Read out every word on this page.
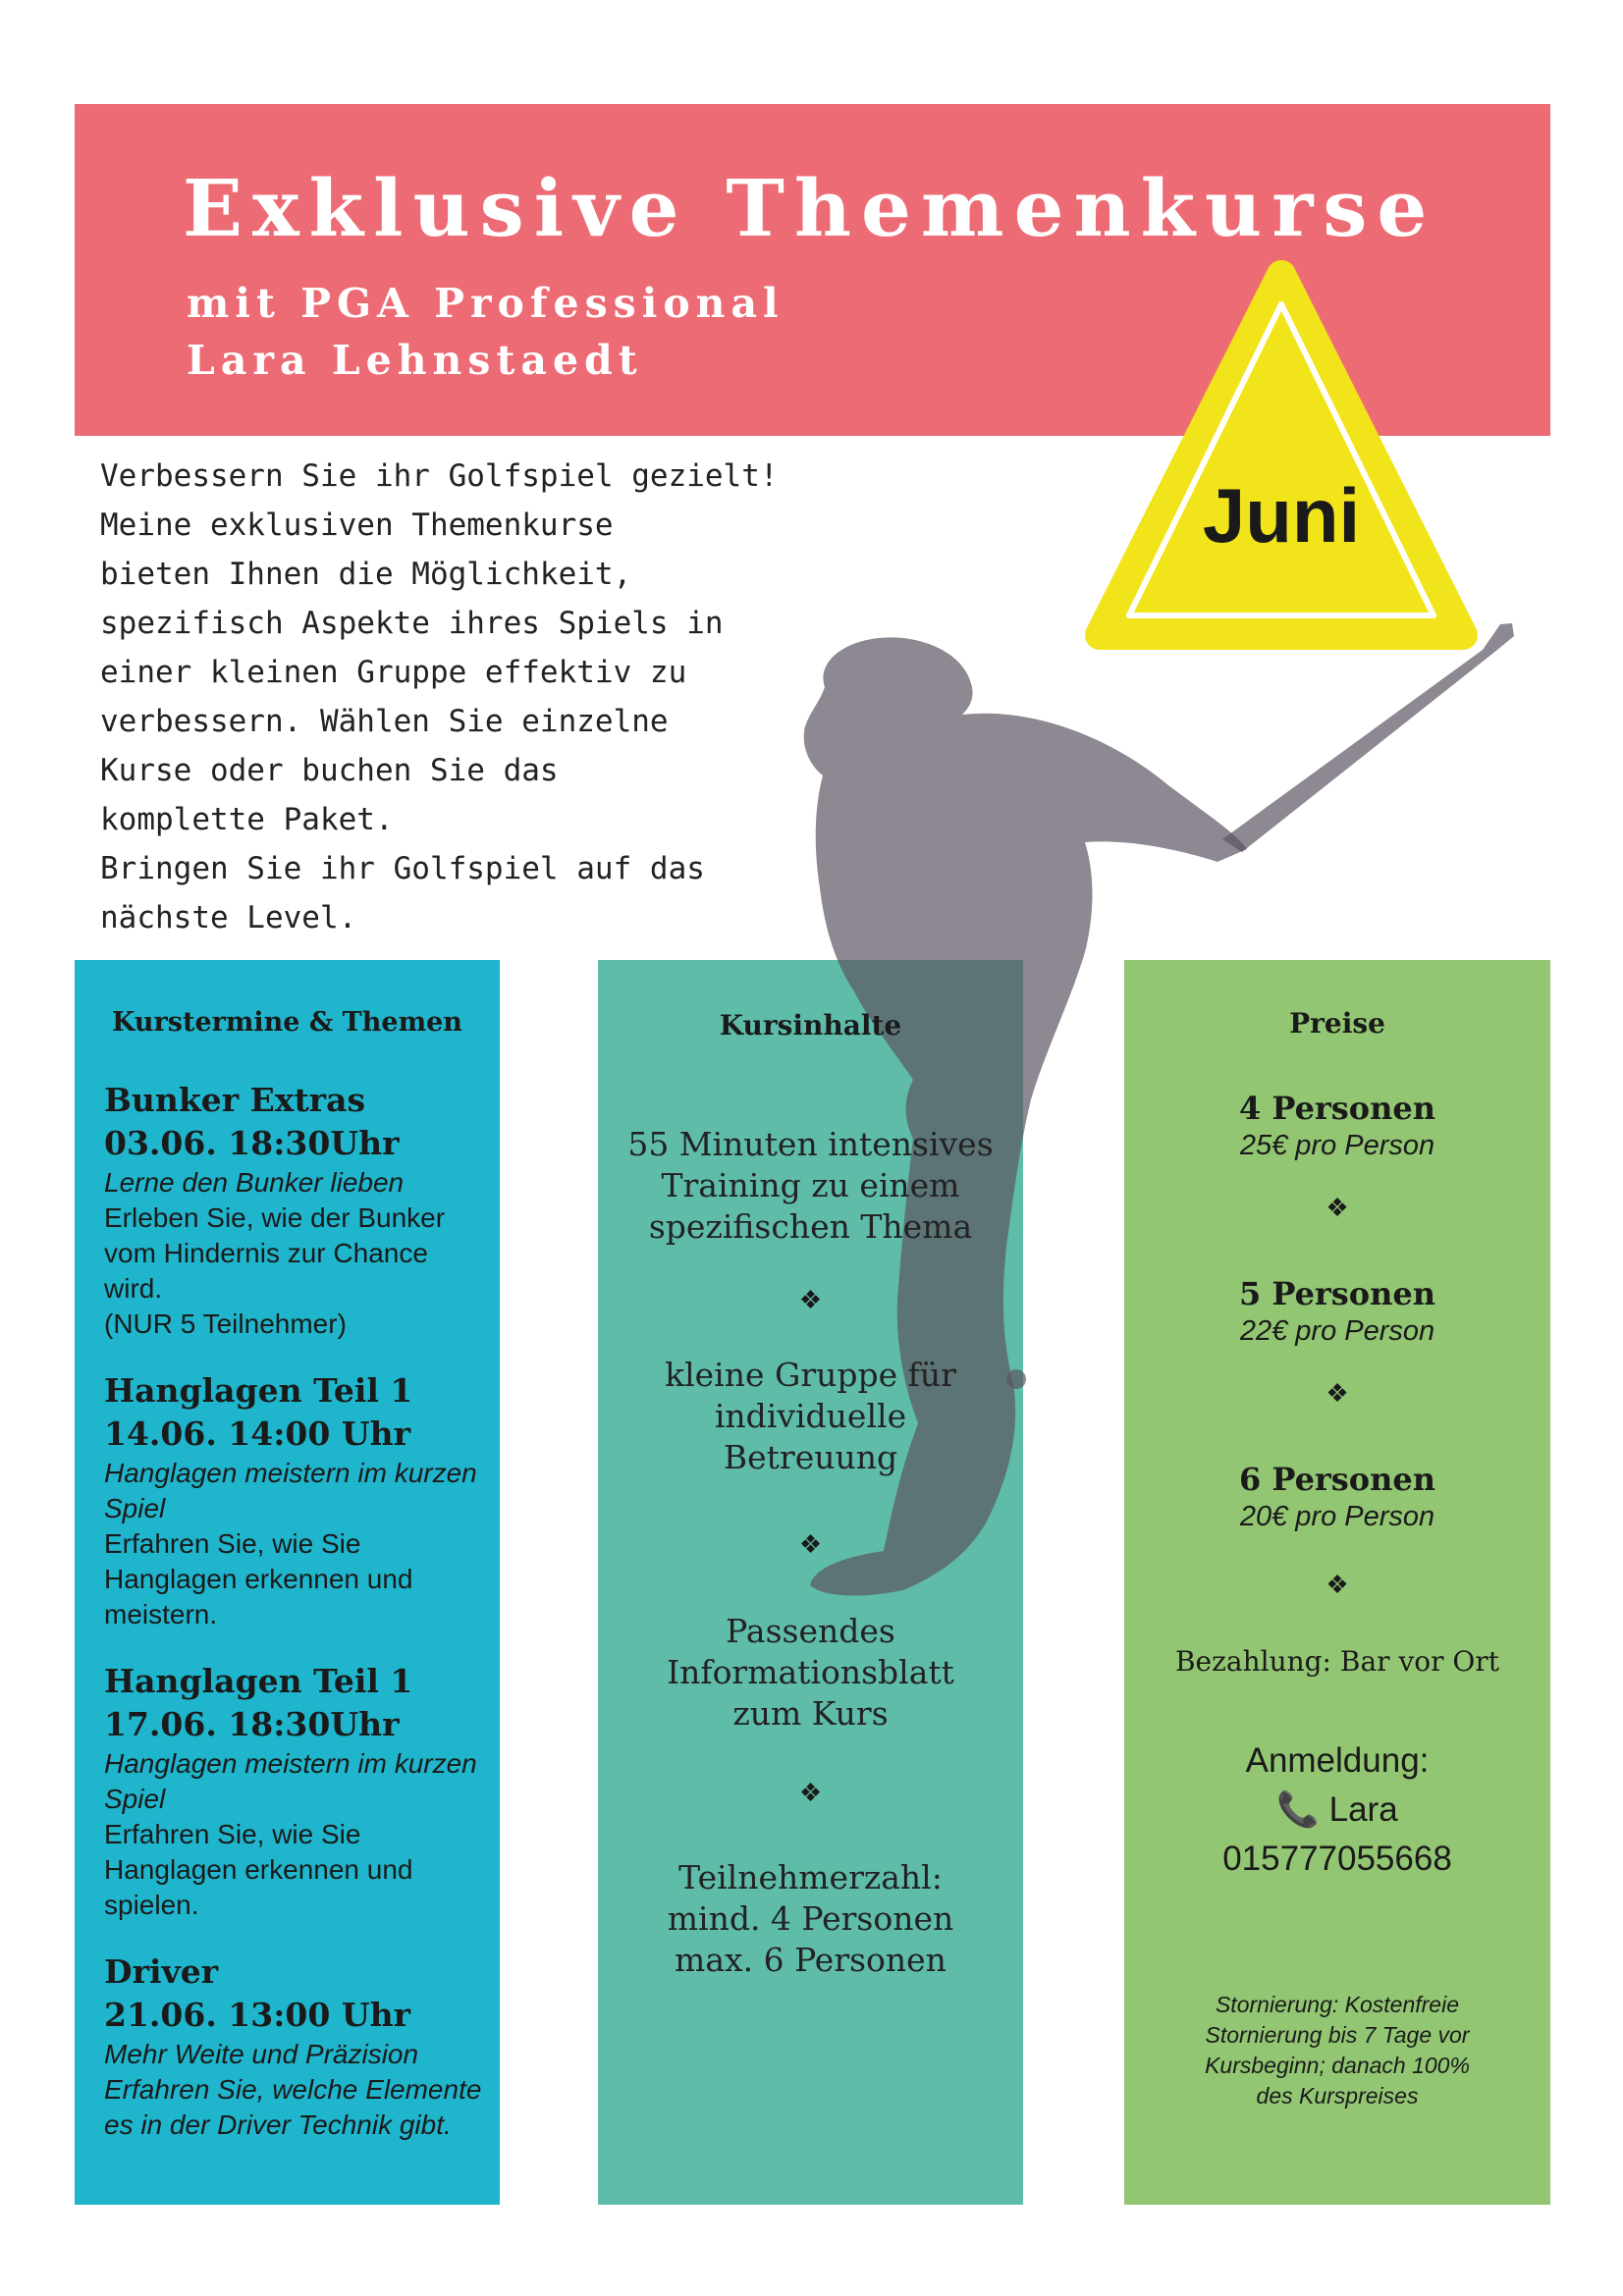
Exklusive Themenkurse
mit PGA Professional
Lara Lehnstaedt
Juni
Verbessern Sie ihr Golfspiel gezielt!
Meine exklusiven Themenkurse
bieten Ihnen die Möglichkeit,
spezifisch Aspekte ihres Spiels in
einer kleinen Gruppe effektiv zu
verbessern. Wählen Sie einzelne
Kurse oder buchen Sie das
komplette Paket.
Bringen Sie ihr Golfspiel auf das
nächste Level.
Kurstermine & Themen
Bunker Extras
03.06. 18:30Uhr
Lerne den Bunker lieben
Erleben Sie, wie der Bunker vom Hindernis zur Chance wird.
(NUR 5 Teilnehmer)
Hanglagen Teil 1
14.06. 14:00 Uhr
Hanglagen meistern im kurzen Spiel
Erfahren Sie, wie Sie Hanglagen erkennen und meistern.
Hanglagen Teil 1
17.06. 18:30Uhr
Hanglagen meistern im kurzen Spiel
Erfahren Sie, wie Sie Hanglagen erkennen und spielen.
Driver
21.06. 13:00 Uhr
Mehr Weite und Präzision
Erfahren Sie, welche Elemente es in der Driver Technik gibt.
Kursinhalte
55 Minuten intensives Training zu einem spezifischen Thema
❖
kleine Gruppe für individuelle Betreuung
❖
Passendes Informationsblatt zum Kurs
❖
Teilnehmerzahl: mind. 4 Personen max. 6 Personen
Preise
4 Personen
25€ pro Person
❖
5 Personen
22€ pro Person
❖
6 Personen
20€ pro Person
❖
Bezahlung: Bar vor Ort
Anmeldung:
📞 Lara
015777055668
Stornierung: Kostenfreie Stornierung bis 7 Tage vor Kursbeginn; danach 100% des Kurspreises
